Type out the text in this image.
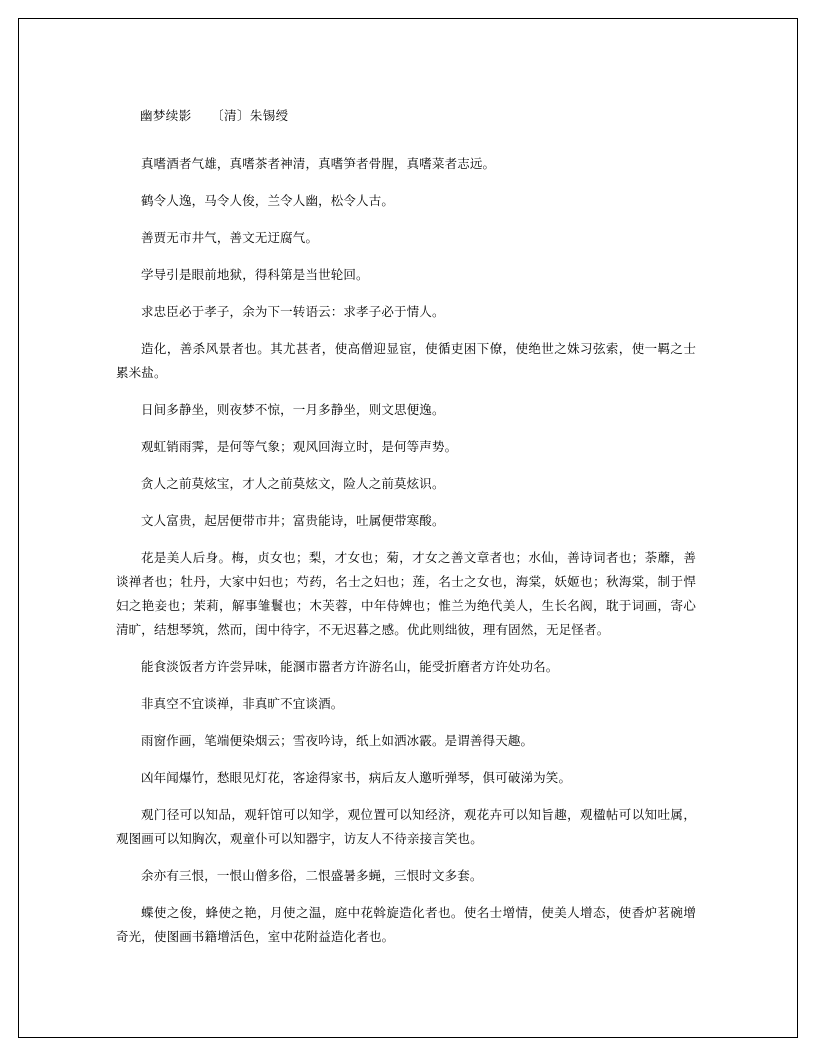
幽梦续影　　〔清〕朱锡绶

真嗜酒者气雄，真嗜茶者神清，真嗜笋者骨腥，真嗜菜者志远。

鹤令人逸，马令人俊，兰令人幽，松令人古。

善贾无市井气，善文无迂腐气。

学导引是眼前地狱，得科第是当世轮回。

求忠臣必于孝子，余为下一转语云：求孝子必于情人。

造化，善杀风景者也。其尤甚者，使高僧迎显宦，使循吏困下僚，使绝世之姝习弦索，使一羁之士累米盐。

日间多静坐，则夜梦不惊，一月多静坐，则文思便逸。

观虹销雨霁，是何等气象；观风回海立时，是何等声势。

贪人之前莫炫宝，才人之前莫炫文，险人之前莫炫识。

文人富贵，起居便带市井；富贵能诗，吐属便带寒酸。

花是美人后身。梅，贞女也；梨，才女也；菊，才女之善文章者也；水仙，善诗词者也；荼蘼，善谈禅者也；牡丹，大家中妇也；芍药，名士之妇也；莲，名士之女也，海棠，妖姬也；秋海棠，制于悍妇之艳妾也；茉莉，解事雏鬟也；木芙蓉，中年侍婢也；惟兰为绝代美人，生长名阀，耽于词画，寄心清旷，结想琴筑，然而，闺中待字，不无迟暮之感。优此则绌彼，理有固然，无足怪者。

能食淡饭者方许尝异味，能溷市嚣者方许游名山，能受折磨者方许处功名。

非真空不宜谈禅，非真旷不宜谈酒。

雨窗作画，笔端便染烟云；雪夜吟诗，纸上如洒冰霰。是谓善得天趣。

凶年闻爆竹，愁眼见灯花，客途得家书，病后友人邀听弹琴，俱可破涕为笑。

观门径可以知品，观轩馆可以知学，观位置可以知经济，观花卉可以知旨趣，观楹帖可以知吐属，观图画可以知胸次，观童仆可以知器宇，访友人不待亲接言笑也。

余亦有三恨，一恨山僧多俗，二恨盛暑多蝇，三恨时文多套。

蝶使之俊，蜂使之艳，月使之温，庭中花斡旋造化者也。使名士增情，使美人增态，使香炉茗碗增奇光，使图画书籍增活色，室中花附益造化者也。
